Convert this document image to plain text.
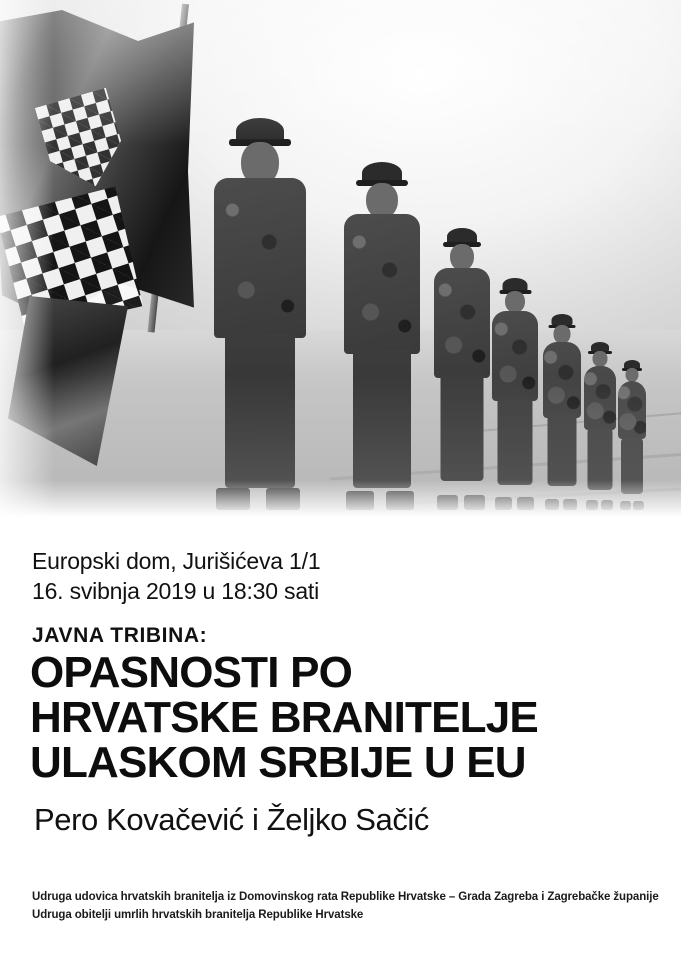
Europski dom, Jurišićeva 1/1
16. svibnja 2019 u 18:30 sati
JAVNA TRIBINA:
OPASNOSTI PO
HRVATSKE BRANITELJE
ULASKOM SRBIJE U EU
Pero Kovačević i Željko Sačić
Udruga udovica hrvatskih branitelja iz Domovinskog rata Republike Hrvatske – Grada Zagreba i Zagrebačke županije
Udruga obitelji umrlih hrvatskih branitelja Republike Hrvatske
